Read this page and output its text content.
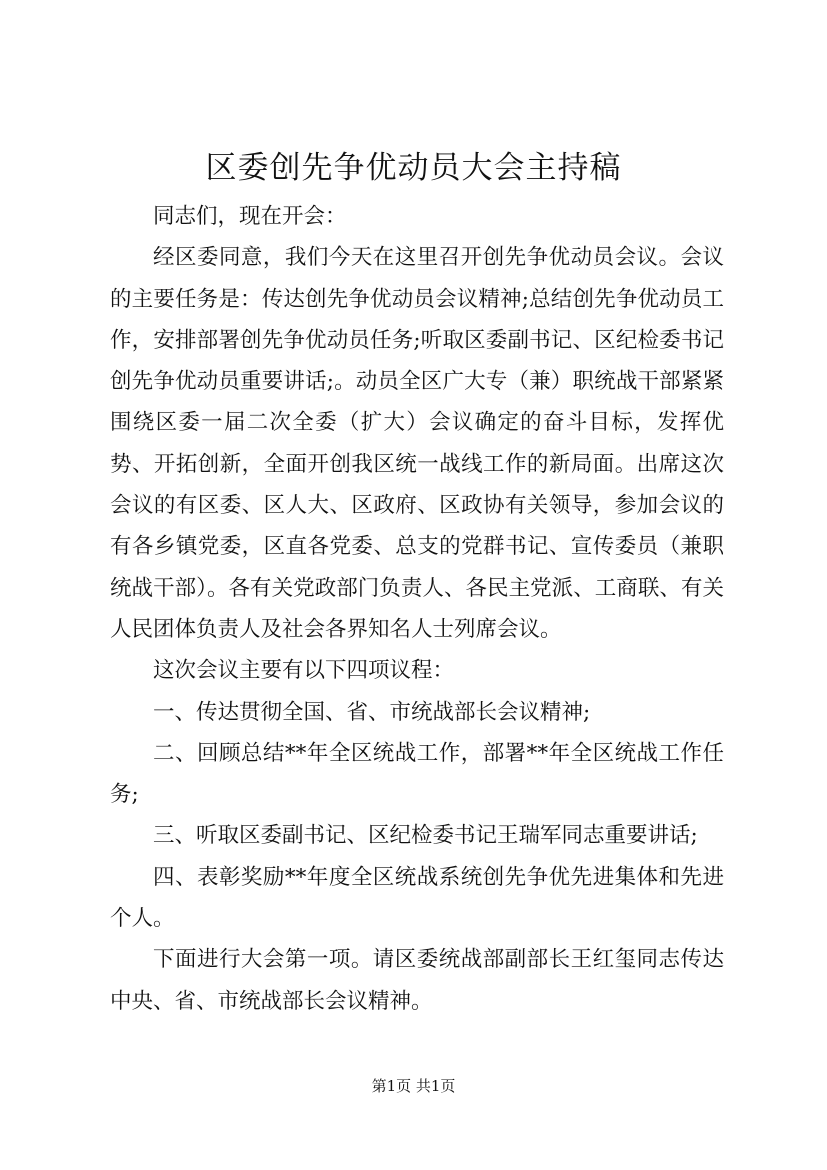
区委创先争优动员大会主持稿

同志们，现在开会：

经区委同意，我们今天在这里召开创先争优动员会议。会议的主要任务是：传达创先争优动员会议精神;总结创先争优动员工作，安排部署创先争优动员任务;听取区委副书记、区纪检委书记创先争优动员重要讲话;。动员全区广大专（兼）职统战干部紧紧围绕区委一届二次全委（扩大）会议确定的奋斗目标，发挥优势、开拓创新，全面开创我区统一战线工作的新局面。出席这次会议的有区委、区人大、区政府、区政协有关领导，参加会议的有各乡镇党委，区直各党委、总支的党群书记、宣传委员（兼职统战干部）。各有关党政部门负责人、各民主党派、工商联、有关人民团体负责人及社会各界知名人士列席会议。

这次会议主要有以下四项议程：

一、传达贯彻全国、省、市统战部长会议精神;

二、回顾总结**年全区统战工作，部署**年全区统战工作任务;

三、听取区委副书记、区纪检委书记王瑞军同志重要讲话;

四、表彰奖励**年度全区统战系统创先争优先进集体和先进个人。

下面进行大会第一项。请区委统战部副部长王红玺同志传达中央、省、市统战部长会议精神。

第1页 共1页
